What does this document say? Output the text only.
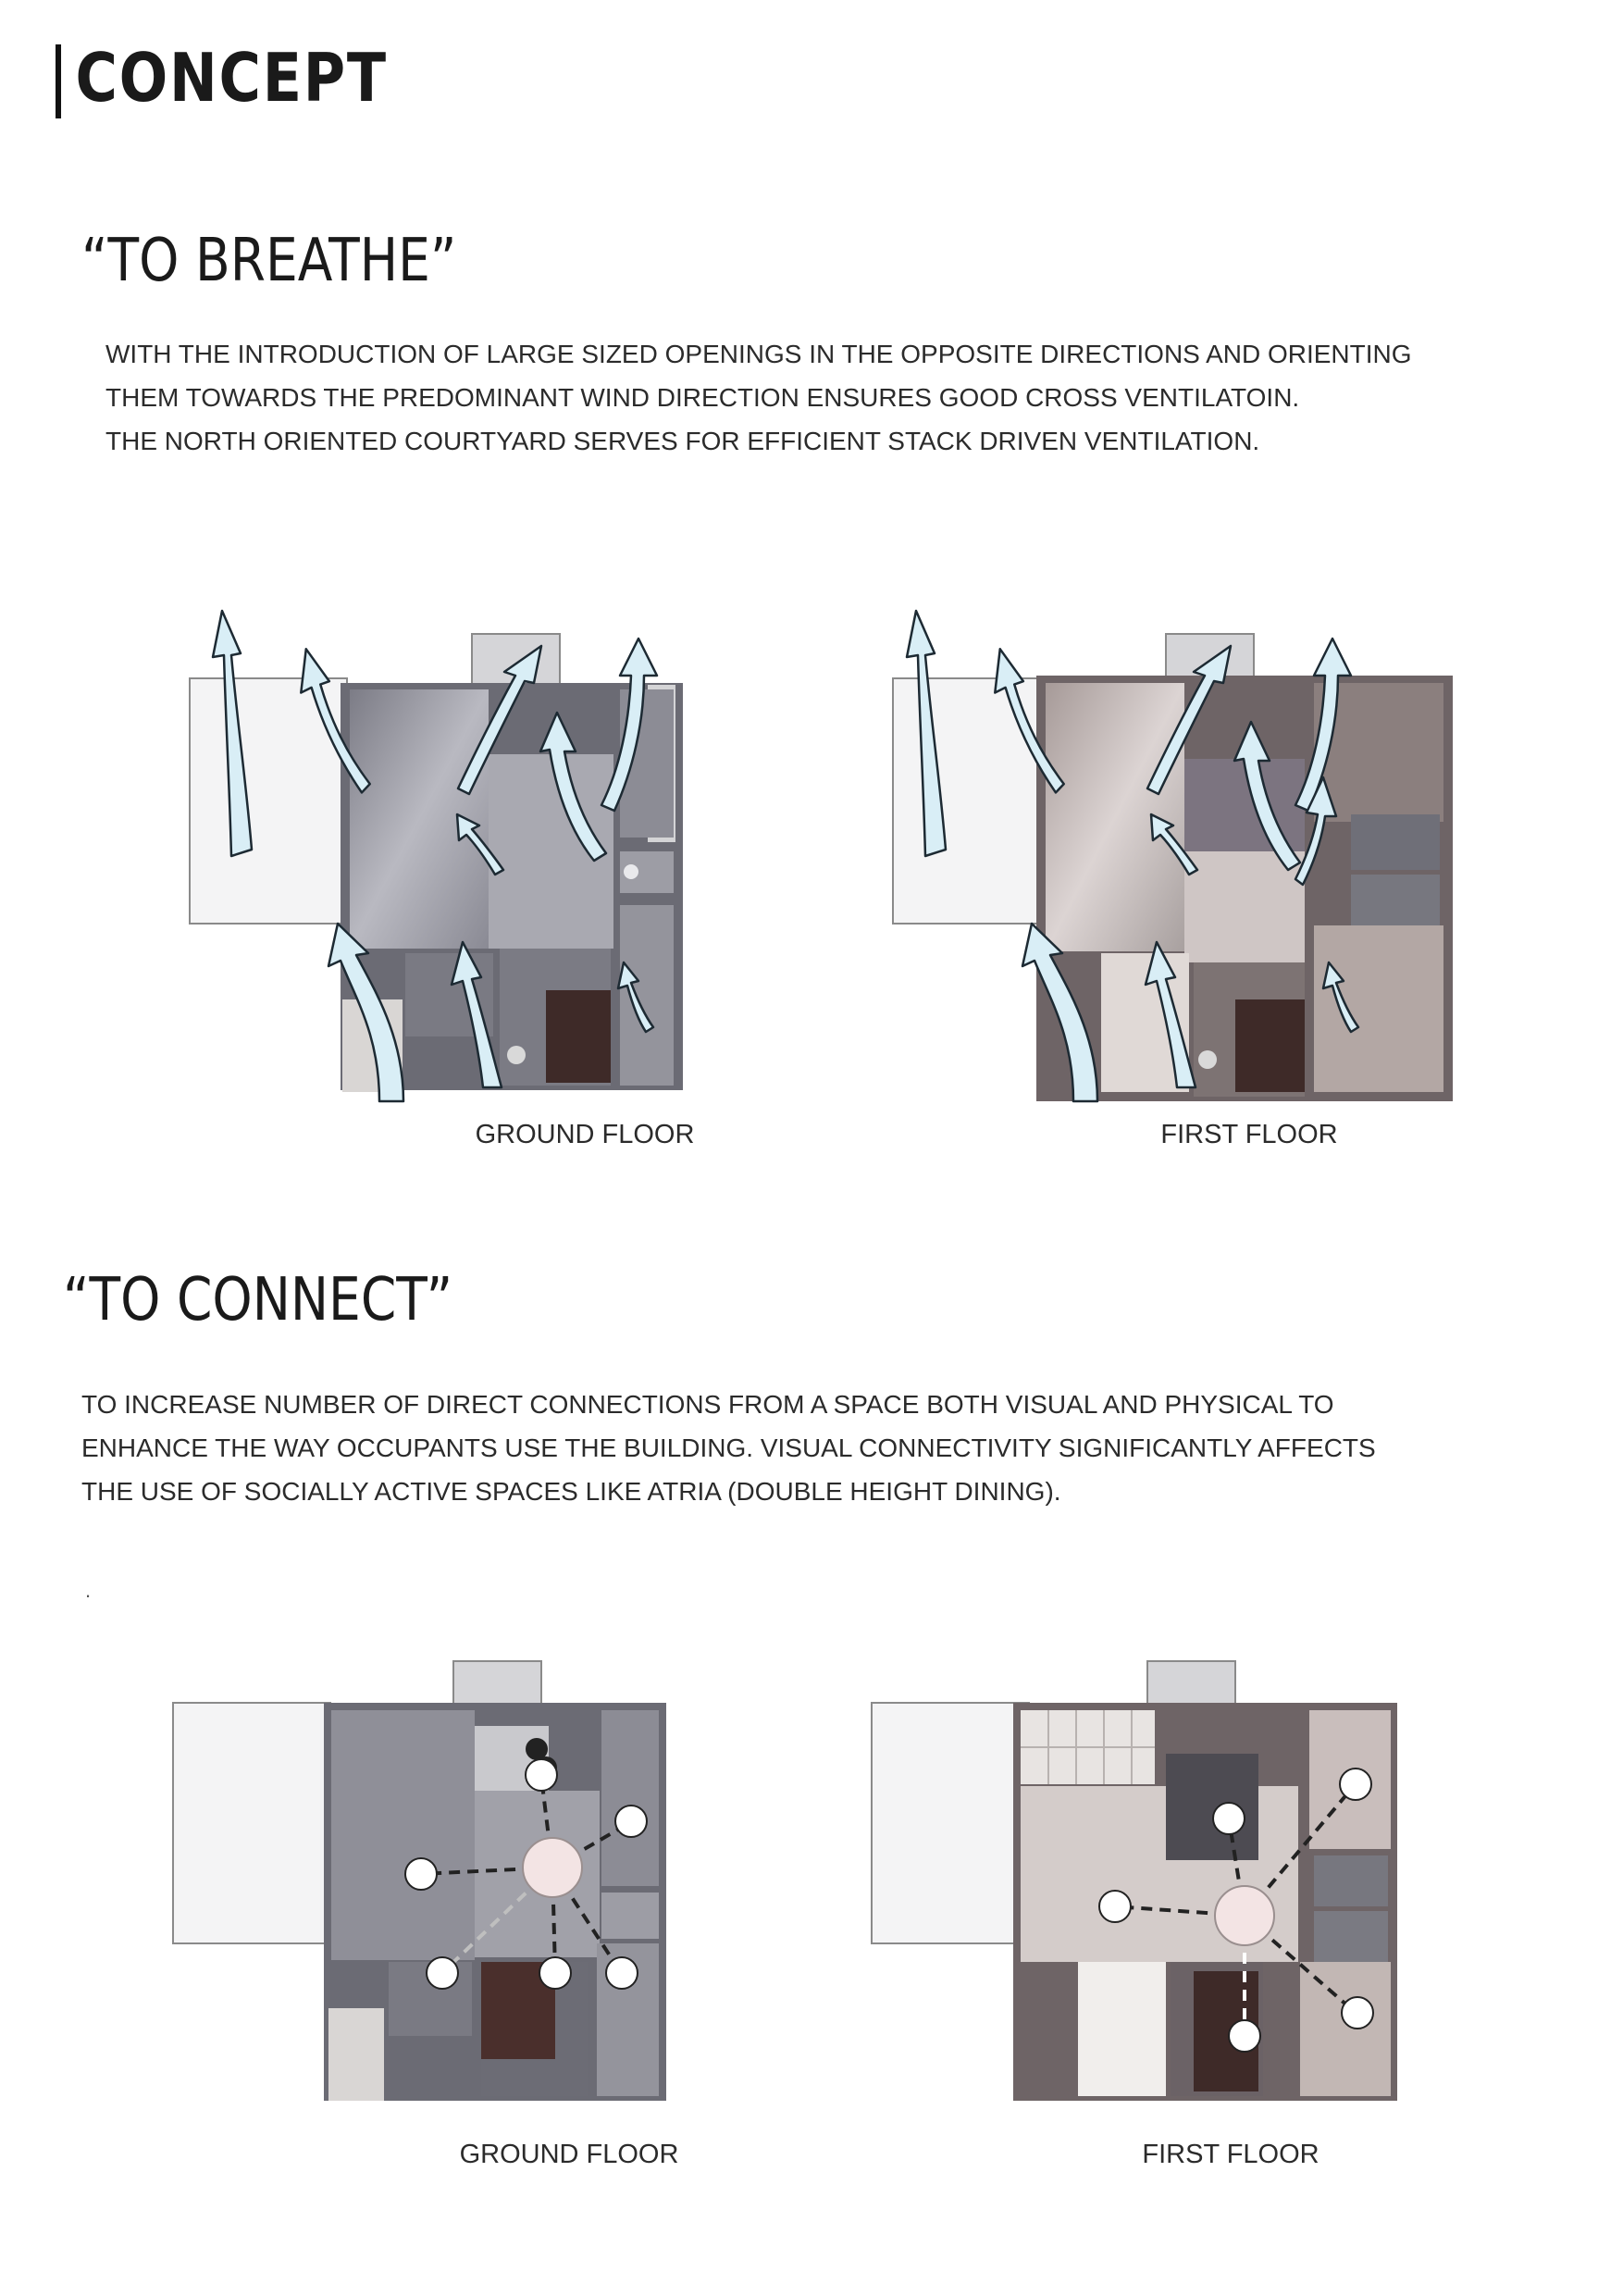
CONCEPT
“TO BREATHE”

WITH THE INTRODUCTION OF LARGE SIZED OPENINGS IN THE OPPOSITE DIRECTIONS AND ORIENTING
THEM TOWARDS THE PREDOMINANT WIND DIRECTION ENSURES GOOD CROSS VENTILATOIN.
THE NORTH ORIENTED COURTYARD SERVES FOR EFFICIENT STACK DRIVEN VENTILATION.

GROUND FLOOR	FIRST FLOOR

“TO CONNECT”

TO INCREASE NUMBER OF DIRECT CONNECTIONS FROM A SPACE BOTH VISUAL AND PHYSICAL TO
ENHANCE THE WAY OCCUPANTS USE THE BUILDING. VISUAL CONNECTIVITY SIGNIFICANTLY AFFECTS
THE USE OF SOCIALLY ACTIVE SPACES LIKE ATRIA (DOUBLE HEIGHT DINING).

.

GROUND FLOOR	FIRST FLOOR
